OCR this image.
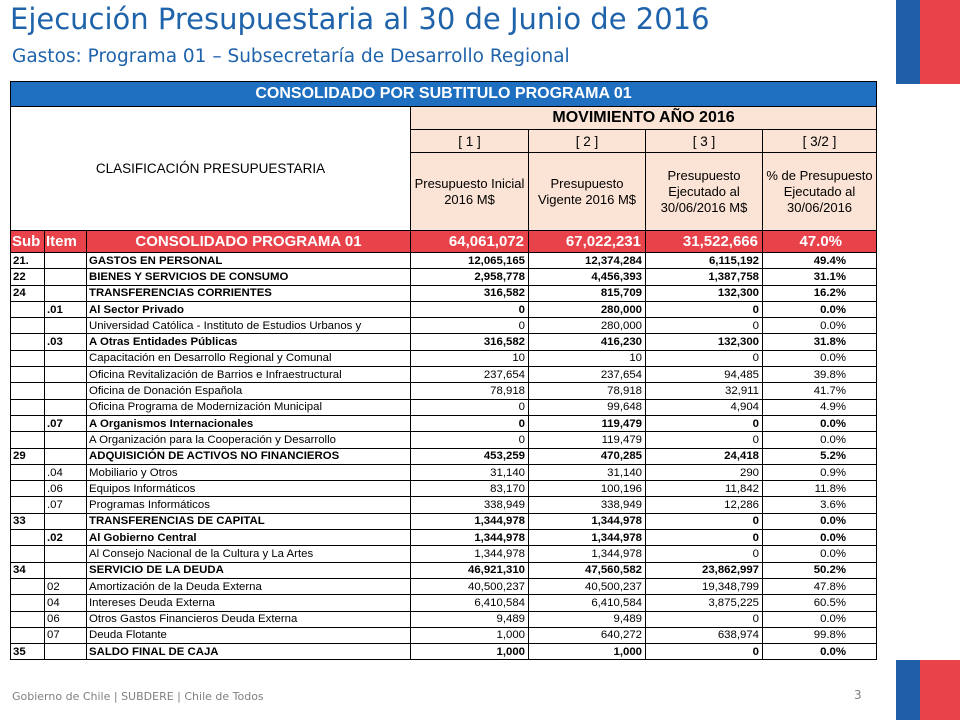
Ejecución Presupuestaria al 30 de Junio de 2016
Gastos: Programa 01 – Subsecretaría de Desarrollo Regional
CONSOLIDADO POR SUBTITULO PROGRAMA 01						
CLASIFICACIÓN PRESUPUESTARIA			MOVIMIENTO AÑO 2016			
			[ 1 ]	[ 2 ]	[ 3 ]	[ 3/2 ]
			Presupuesto Inicial 2016 M$	Presupuesto Vigente 2016 M$	Presupuesto Ejecutado al 30/06/2016 M$	% de Presupuesto Ejecutado al 30/06/2016
Sub	Item	CONSOLIDADO PROGRAMA 01	64,061,072	67,022,231	31,522,666	47.0%
21.		GASTOS EN PERSONAL	12,065,165	12,374,284	6,115,192	49.4%
22		BIENES Y SERVICIOS DE CONSUMO	2,958,778	4,456,393	1,387,758	31.1%
24		TRANSFERENCIAS CORRIENTES	316,582	815,709	132,300	16.2%
	.01	Al Sector Privado	0	280,000	0	0.0%
		Universidad Católica - Instituto de Estudios Urbanos y	0	280,000	0	0.0%
	.03	A Otras Entidades Públicas	316,582	416,230	132,300	31.8%
		Capacitación en Desarrollo Regional y Comunal	10	10	0	0.0%
		Oficina Revitalización de Barrios e Infraestructural	237,654	237,654	94,485	39.8%
		Oficina de Donación Española	78,918	78,918	32,911	41.7%
		Oficina Programa de Modernización Municipal	0	99,648	4,904	4.9%
	.07	A Organismos Internacionales	0	119,479	0	0.0%
		A Organización para la Cooperación y Desarrollo	0	119,479	0	0.0%
29		ADQUISICIÓN DE ACTIVOS NO FINANCIEROS	453,259	470,285	24,418	5.2%
	.04	Mobiliario y Otros	31,140	31,140	290	0.9%
	.06	Equipos Informáticos	83,170	100,196	11,842	11.8%
	.07	Programas Informáticos	338,949	338,949	12,286	3.6%
33		TRANSFERENCIAS DE CAPITAL	1,344,978	1,344,978	0	0.0%
	.02	Al Gobierno Central	1,344,978	1,344,978	0	0.0%
		Al Consejo Nacional de la Cultura y La Artes	1,344,978	1,344,978	0	0.0%
34		SERVICIO DE LA DEUDA	46,921,310	47,560,582	23,862,997	50.2%
	02	Amortización de la Deuda Externa	40,500,237	40,500,237	19,348,799	47.8%
	04	Intereses Deuda Externa	6,410,584	6,410,584	3,875,225	60.5%
	06	Otros Gastos Financieros Deuda Externa	9,489	9,489	0	0.0%
	07	Deuda Flotante	1,000	640,272	638,974	99.8%
35		SALDO FINAL DE CAJA	1,000	1,000	0	0.0%
Gobierno de Chile | SUBDERE | Chile de Todos	3
